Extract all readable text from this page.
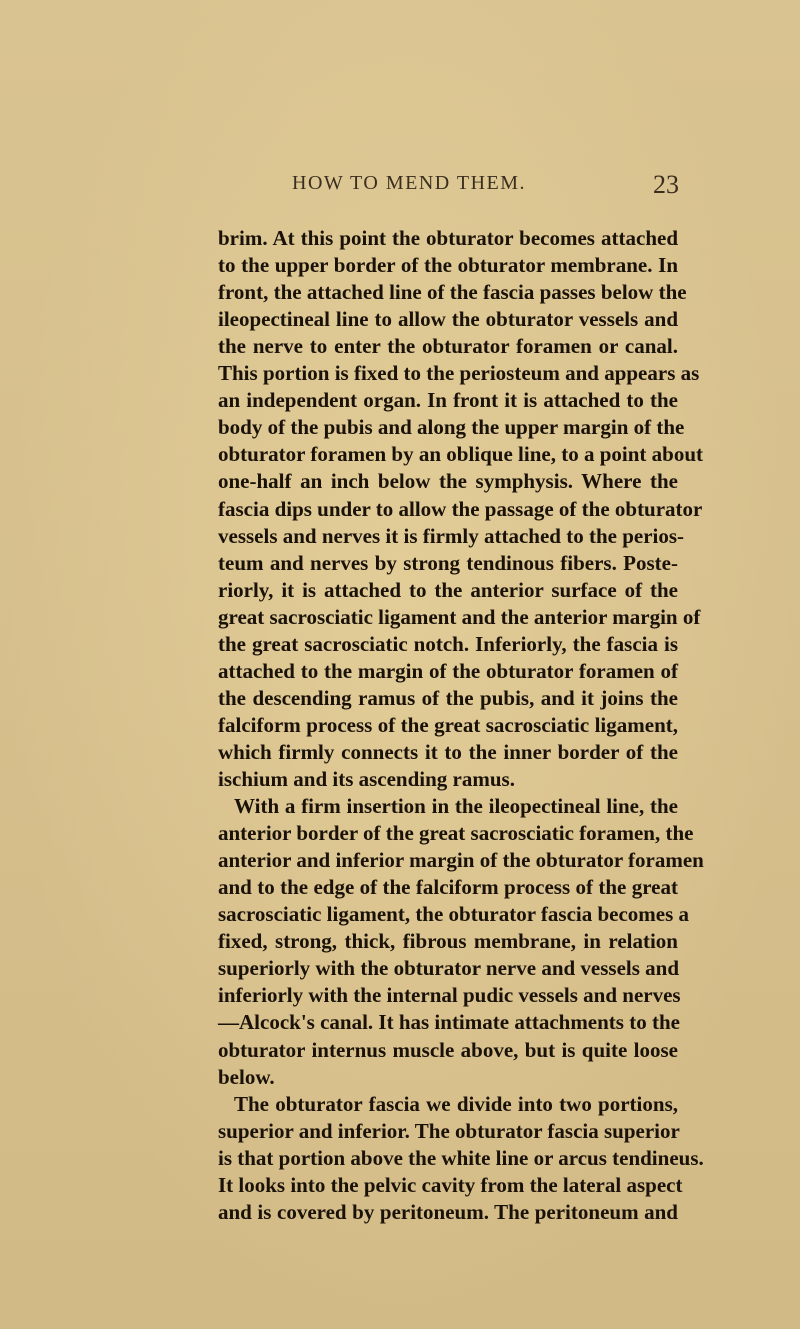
HOW TO MEND THEM.	23
brim. At this point the obturator becomes attached
to the upper border of the obturator membrane. In
front, the attached line of the fascia passes below the
ileopectineal line to allow the obturator vessels and
the nerve to enter the obturator foramen or canal.
This portion is fixed to the periosteum and appears as
an independent organ. In front it is attached to the
body of the pubis and along the upper margin of the
obturator foramen by an oblique line, to a point about
one-half an inch below the symphysis. Where the
fascia dips under to allow the passage of the obturator
vessels and nerves it is firmly attached to the perios-
teum and nerves by strong tendinous fibers. Poste-
riorly, it is attached to the anterior surface of the
great sacrosciatic ligament and the anterior margin of
the great sacrosciatic notch. Inferiorly, the fascia is
attached to the margin of the obturator foramen of
the descending ramus of the pubis, and it joins the
falciform process of the great sacrosciatic ligament,
which firmly connects it to the inner border of the
ischium and its ascending ramus.
With a firm insertion in the ileopectineal line, the
anterior border of the great sacrosciatic foramen, the
anterior and inferior margin of the obturator foramen
and to the edge of the falciform process of the great
sacrosciatic ligament, the obturator fascia becomes a
fixed, strong, thick, fibrous membrane, in relation
superiorly with the obturator nerve and vessels and
inferiorly with the internal pudic vessels and nerves
—Alcock's canal. It has intimate attachments to the
obturator internus muscle above, but is quite loose
below.
The obturator fascia we divide into two portions,
superior and inferior. The obturator fascia superior
is that portion above the white line or arcus tendineus.
It looks into the pelvic cavity from the lateral aspect
and is covered by peritoneum. The peritoneum and
